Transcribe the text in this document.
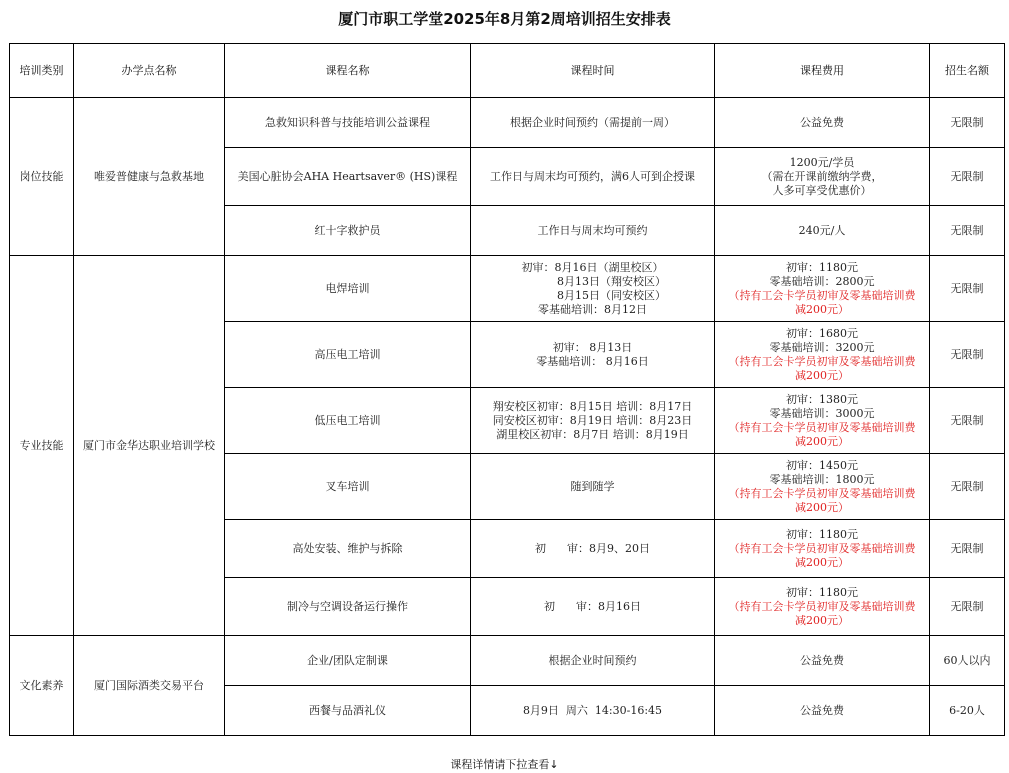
厦门市职工学堂2025年8月第2周培训招生安排表
培训类别	办学点名称	课程名称	课程时间	课程费用	招生名额
岗位技能	唯爱普健康与急救基地	急救知识科普与技能培训公益课程	根据企业时间预约（需提前一周）	公益免费	无限制
		美国心脏协会AHA Heartsaver® (HS)课程	工作日与周末均可预约，满6人可到企授课	1200元/学员
（需在开课前缴纳学费，
人多可享受优惠价）	无限制
		红十字救护员	工作日与周末均可预约	240元/人	无限制
专业技能	厦门市金华达职业培训学校	电焊培训	初审：8月16日（湖里校区）
8月13日（翔安校区）
8月15日（同安校区）
零基础培训：8月12日	初审：1180元
零基础培训：2800元
（持有工会卡学员初审及零基础培训费
减200元）	无限制
		高压电工培训	初审： 8月13日
零基础培训： 8月16日	初审：1680元
零基础培训：3200元
（持有工会卡学员初审及零基础培训费
减200元）	无限制
		低压电工培训	翔安校区初审：8月15日 培训：8月17日
同安校区初审：8月19日 培训：8月23日
湖里校区初审：8月7日 培训：8月19日	初审：1380元
零基础培训：3000元
（持有工会卡学员初审及零基础培训费
减200元）	无限制
		叉车培训	随到随学	初审：1450元
零基础培训：1800元
（持有工会卡学员初审及零基础培训费
减200元）	无限制
		高处安装、维护与拆除	初      审：8月9、20日	初审：1180元
（持有工会卡学员初审及零基础培训费
减200元）	无限制
		制冷与空调设备运行操作	初      审：8月16日	初审：1180元
（持有工会卡学员初审及零基础培训费
减200元）	无限制
文化素养	厦门国际酒类交易平台	企业/团队定制课	根据企业时间预约	公益免费	60人以内
		西餐与品酒礼仪	8月9日  周六  14:30-16:45	公益免费	6-20人
课程详情请下拉查看↓
